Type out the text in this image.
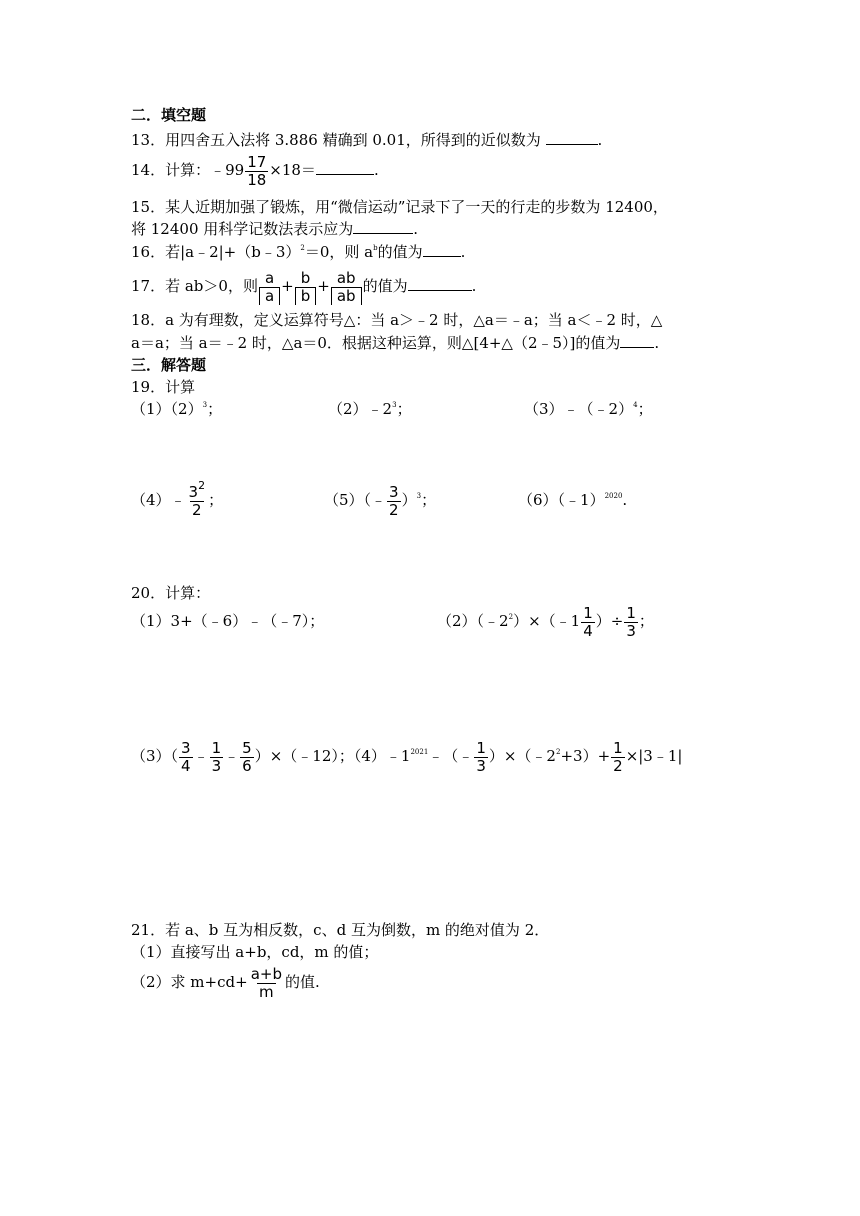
二．填空题
13．用四舍五入法将 3.886 精确到 0.01，所得到的近似数为	.
14．计算：﹣99 $\frac{17}{18} \times 18=$	.
15．某人近期加强了锻炼，用“微信运动”记录下了一天的行走的步数为 12400，
将 12400 用科学记数法表示应为	.
16．若|a﹣2|+（b﹣3）$^2$＝0，则 $a^b$的值为	.
17．若 ab＞0，则 $\frac{a}{a} + \frac{b}{b} + \frac{ab}{ab}$ 的值为	.
18．a 为有理数，定义运算符号△：当 a＞﹣2 时，△a＝﹣a；当 a＜﹣2 时，△
a＝a；当 a＝﹣2 时，△a＝0．根据这种运算，则△[4+△（2﹣5）]的值为 .
三．解答题
19．计算
$(1)(2)^3$；	$(2)﹣2^3$；	（3）﹣（﹣2）$^4$；
（4）﹣ $\frac{3^2}{2}$ ；	（5）（﹣ $\frac{3}{2} )^3$；	（6）（﹣1）$^{2020}$.
20．计算：
（1）3+（﹣6）﹣（﹣7）；	$(2)(﹣2^2)\times(﹣1 \frac{1}{4}$ ）÷ $\frac{1}{3}$ ；
$(3)( \frac{3}{4}$ ﹣ $\frac{1}{3}$ ﹣ $\frac{5}{6}$ ）×（﹣12）；$(4)﹣1^{2021}﹣(﹣ \frac{1}{3}$ ）$\times(﹣2^2+3)+ \frac{1}{2}$ ×|3﹣1|
21．若 a、b 互为相反数，c、d 互为倒数，m 的绝对值为 2．
（1）直接写出 a+b，cd，m 的值；
（2）求 $m+cd+ \frac{a+b}{m}$ 的值.
